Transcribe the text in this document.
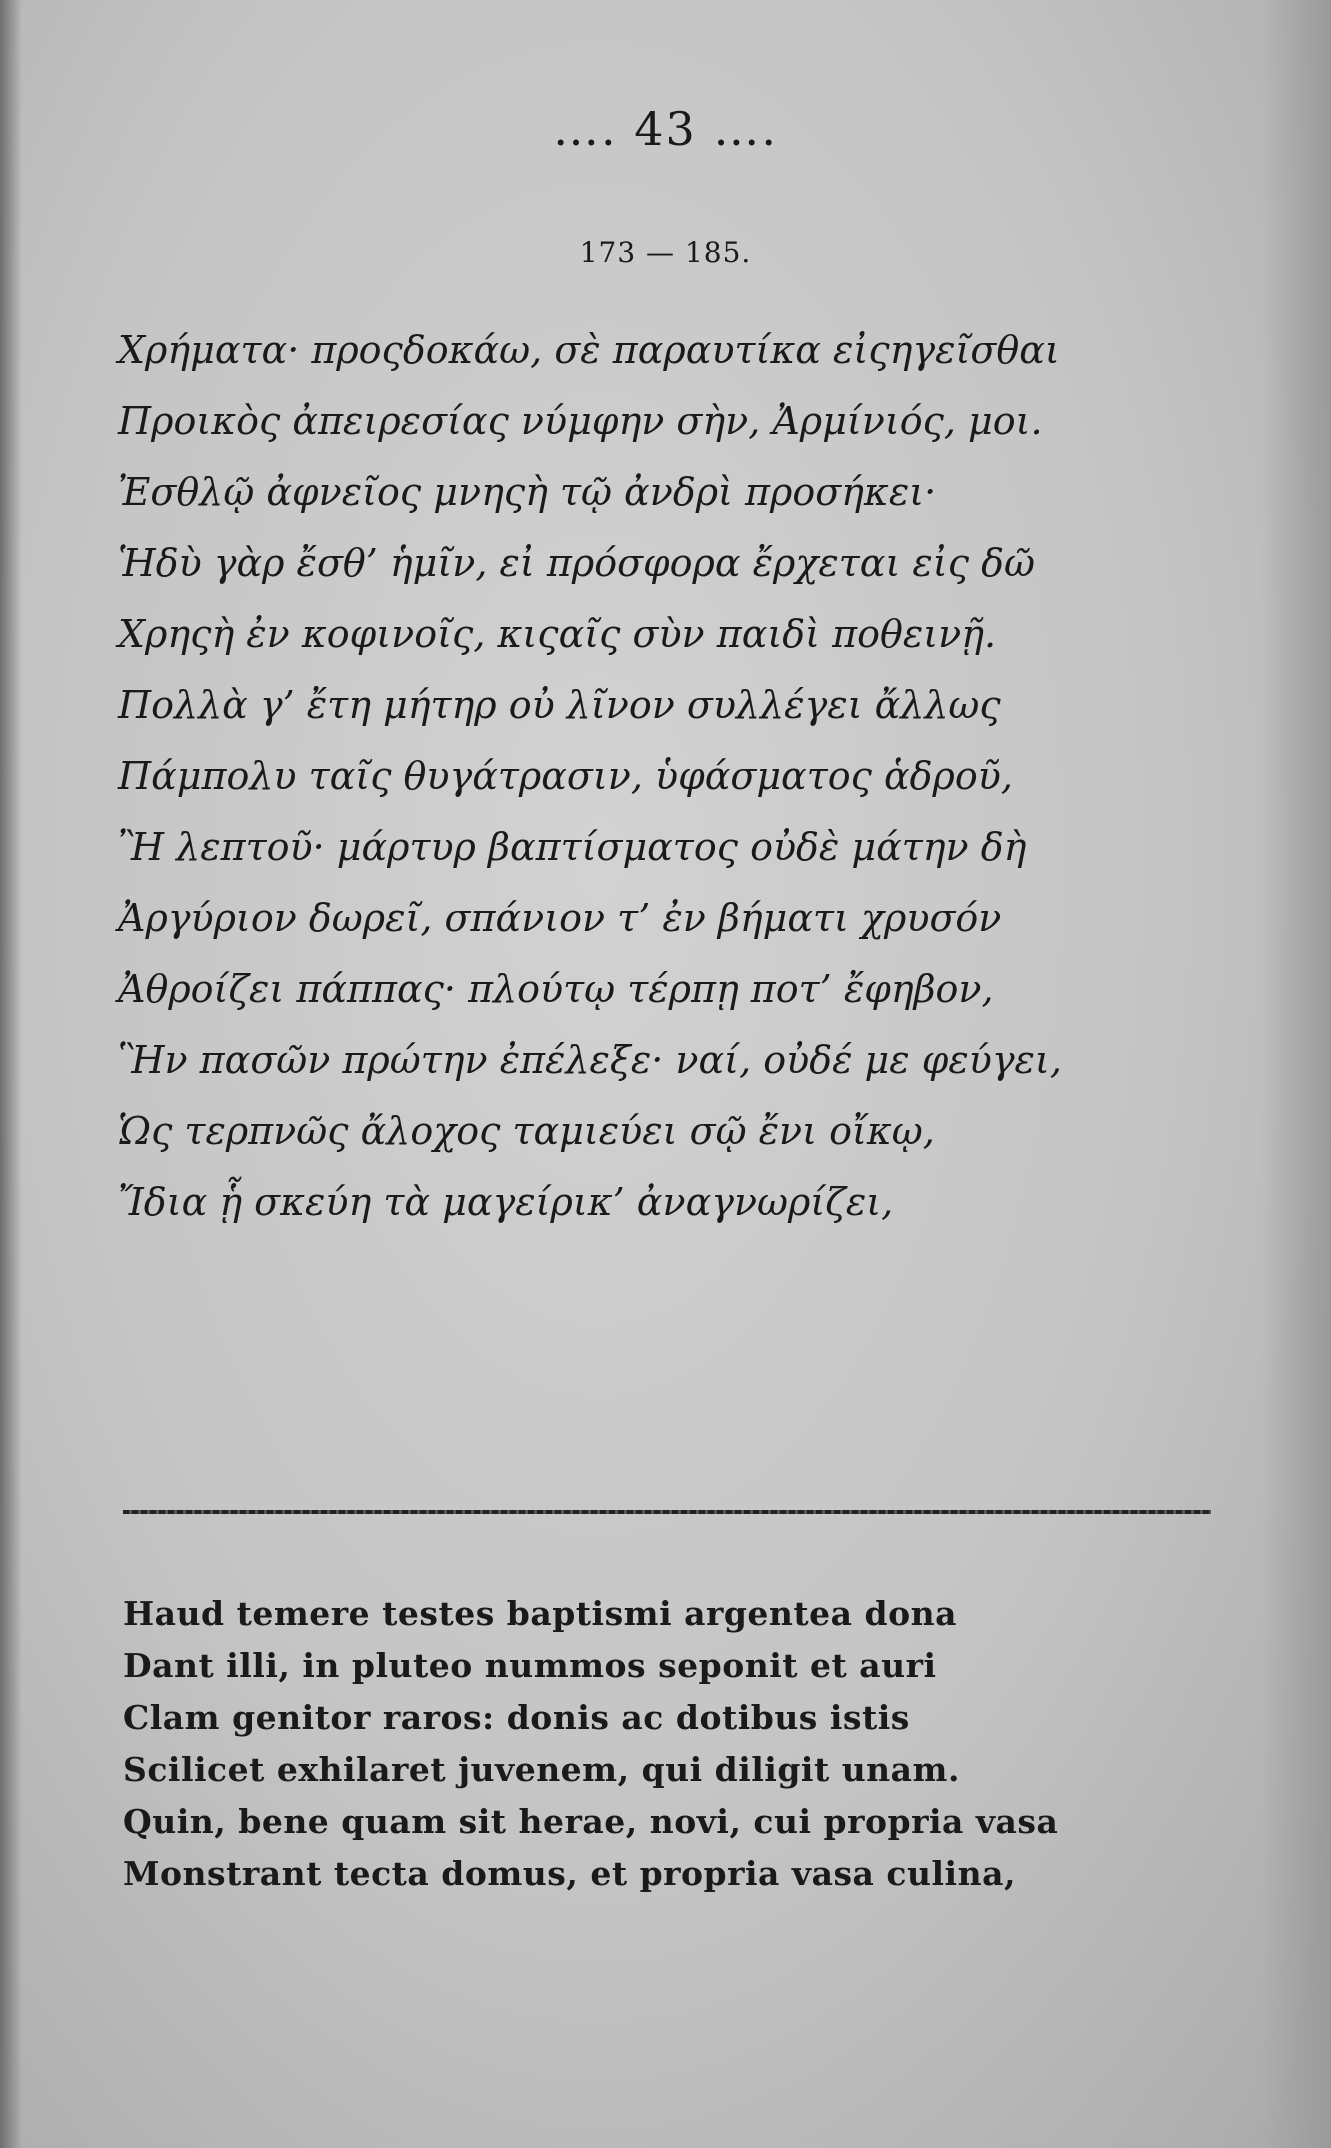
…. 43 ….
173 — 185.
Χρήματα· προςδοκάω, σὲ παραυτίκα εἰςηγεῖσθαι
Προικὸς ἀπειρεσίας νύμφην σὴν, Ἀρμίνιός, μοι.
Ἐσθλῷ ἀφνεῖος μνηςὴ τῷ ἀνδρὶ προσήκει·
Ἡδὺ γὰρ ἔσθ’ ἡμῖν, εἰ πρόσφορα ἔρχεται εἰς δῶ
Χρηςὴ ἐν κοφινοῖς, κιςαῖς σὺν παιδὶ ποθεινῇ.
Πολλὰ γ’ ἔτη μήτηρ οὐ λῖνον συλλέγει ἄλλως
Πάμπολυ ταῖς θυγάτρασιν, ὑφάσματος ἁδροῦ,
Ἢ λεπτοῦ· μάρτυρ βαπτίσματος οὐδὲ μάτην δὴ
Ἀργύριον δωρεῖ, σπάνιον τ’ ἐν βήματι χρυσόν
Ἀθροίζει πάππας· πλούτῳ τέρπῃ ποτ’ ἔφηβον,
Ἣν πασῶν πρώτην ἐπέλεξε· ναί, οὐδέ με φεύγει,
Ὡς τερπνῶς ἄλοχος ταμιεύει σῷ ἔνι οἴκῳ,
Ἴδια ᾗ σκεύη τὰ μαγείρικ’ ἀναγνωρίζει,
Haud temere testes baptismi argentea dona
Dant illi, in pluteo nummos seponit et auri
Clam genitor raros: donis ac dotibus istis
Scilicet exhilaret juvenem, qui diligit unam.
Quin, bene quam sit herae, novi, cui propria vasa
Monstrant tecta domus, et propria vasa culina,
